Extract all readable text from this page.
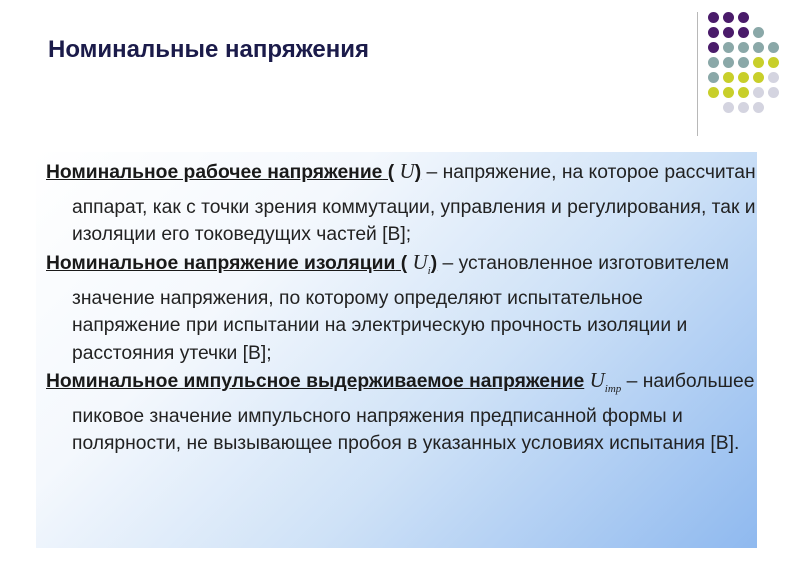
Номинальные напряжения

Номинальное рабочее напряжение ( U) – напряжение, на которое рассчитан аппарат, как с точки зрения коммутации, управления и регулирования, так и изоляции его токоведущих частей [В];

Номинальное напряжение изоляции ( $U_i$) – установленное изготовителем значение напряжения, по которому определяют испытательное напряжение при испытании на электрическую прочность изоляции и расстояния утечки [В];

Номинальное импульсное выдерживаемое напряжение $U_{imp}$ – наибольшее пиковое значение импульсного напряжения предписанной формы и полярности, не вызывающее пробоя в указанных условиях испытания [В].
